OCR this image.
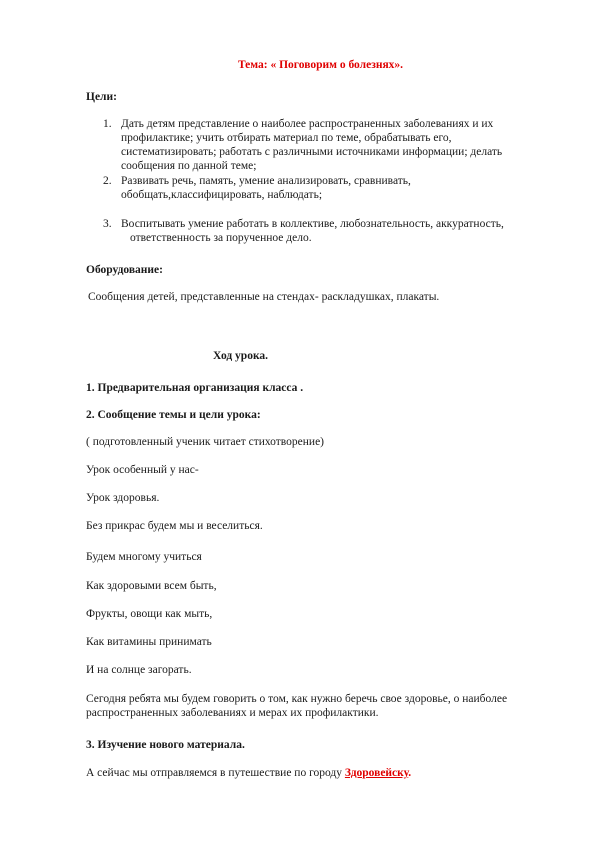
Тема: « Поговорим о болезнях».
Цели:
1. Дать детям представление о наиболее распространенных заболеваниях и их
профилактике; учить отбирать материал по теме, обрабатывать его,
систематизировать; работать с различными источниками информации; делать
сообщения по данной теме;
2. Развивать речь, память, умение анализировать, сравнивать,
обобщать,классифицировать, наблюдать;
3. Воспитывать умение работать в коллективе, любознательность, аккуратность,
ответственность за порученное дело.
Оборудование:
Сообщения детей, представленные на стендах- раскладушках, плакаты.
Ход урока.
1. Предварительная организация класса .
2. Сообщение темы и цели урока:
( подготовленный ученик читает стихотворение)
Урок особенный у нас-
Урок здоровья.
Без прикрас будем мы и веселиться.
Будем многому учиться
Как здоровыми всем быть,
Фрукты, овощи как мыть,
Как витамины принимать
И на солнце загорать.
Сегодня ребята мы будем говорить о том, как нужно беречь свое здоровье, о наиболее
распространенных заболеваниях и мерах их профилактики.
3. Изучение нового материала.
А сейчас мы отправляемся в путешествие по городу Здоровейску.
